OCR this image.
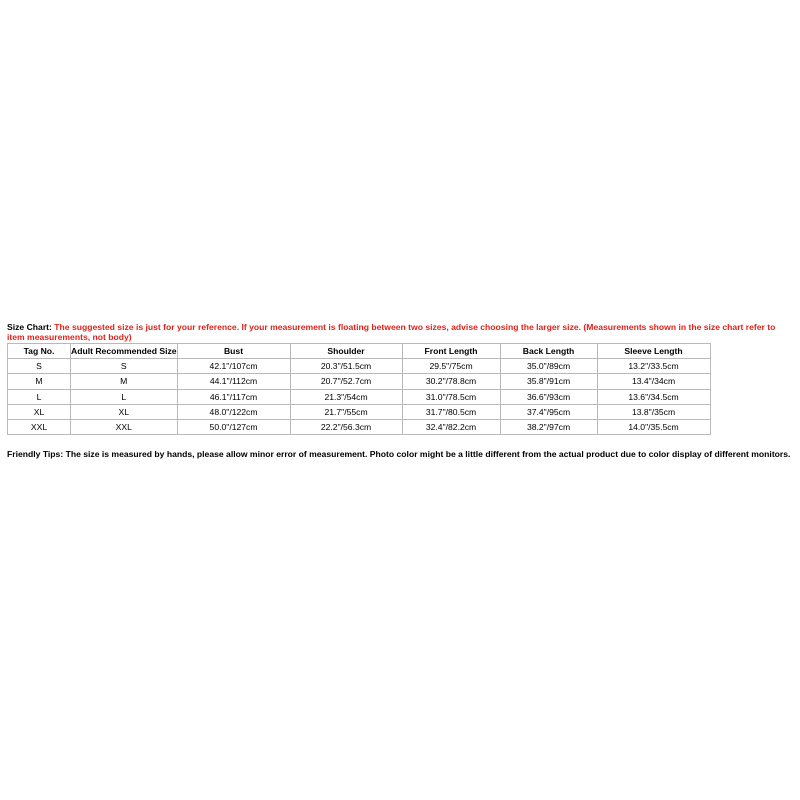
Size Chart: The suggested size is just for your reference. If your measurement is floating between two sizes, advise choosing the larger size. (Measurements shown in the size chart refer to item measurements, not body)

Tag No.	Adult Recommended Size	Bust	Shoulder	Front Length	Back Length	Sleeve Length
S	S	42.1"/107cm	20.3"/51.5cm	29.5"/75cm	35.0"/89cm	13.2"/33.5cm
M	M	44.1"/112cm	20.7"/52.7cm	30.2"/78.8cm	35.8"/91cm	13.4"/34cm
L	L	46.1"/117cm	21.3"/54cm	31.0"/78.5cm	36.6"/93cm	13.6"/34.5cm
XL	XL	48.0"/122cm	21.7"/55cm	31.7"/80.5cm	37.4"/95cm	13.8"/35cm
XXL	XXL	50.0"/127cm	22.2"/56.3cm	32.4"/82.2cm	38.2"/97cm	14.0"/35.5cm

Friendly Tips: The size is measured by hands, please allow minor error of measurement. Photo color might be a little different from the actual product due to color display of different monitors.
